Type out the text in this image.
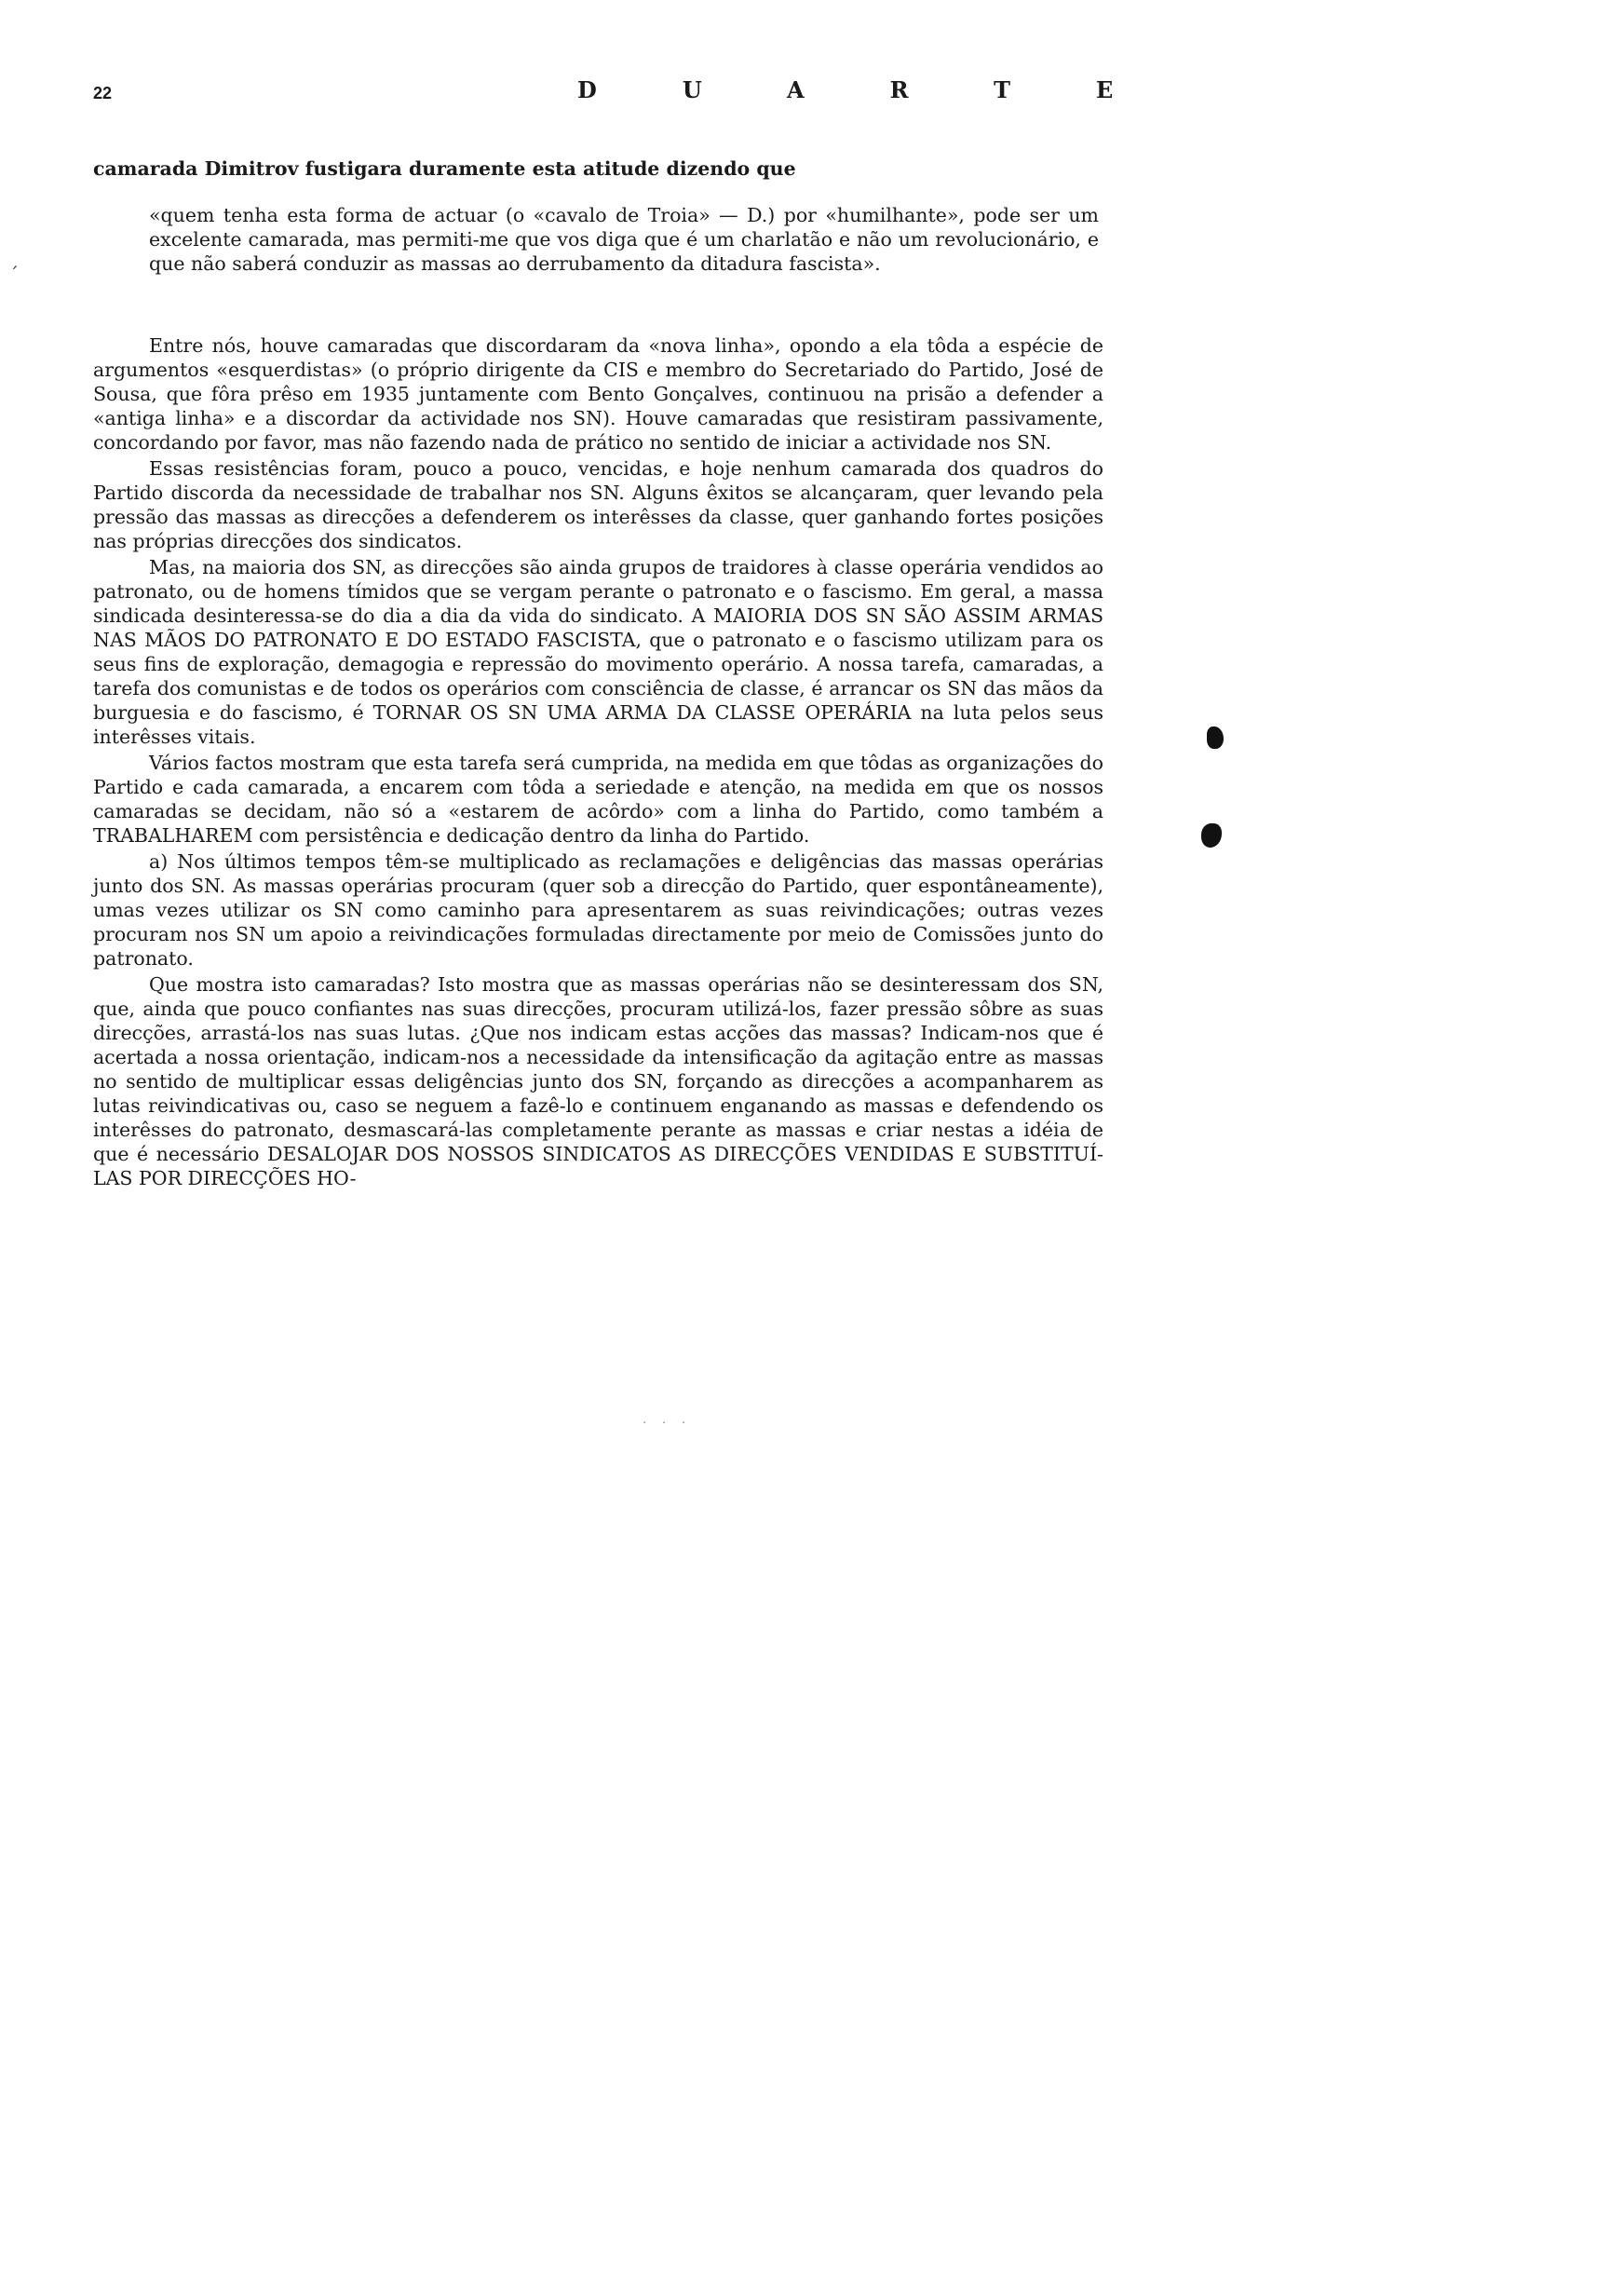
22	DUARTE
camarada Dimitrov fustigara duramente esta atitude dizendo que
«quem tenha esta forma de actuar (o «cavalo de Troia» — D.) por «humilhante», pode ser um excelente camarada, mas permiti-me que vos diga que é um charlatão e não um revolucionário, e que não saberá conduzir as massas ao derrubamento da ditadura fascista».

Entre nós, houve camaradas que discordaram da «nova linha», opondo a ela tôda a espécie de argumentos «esquerdistas» (o próprio dirigente da CIS e membro do Secretariado do Partido, José de Sousa, que fôra prêso em 1935 juntamente com Bento Gonçalves, continuou na prisão a defender a «antiga linha» e a discordar da actividade nos SN). Houve camaradas que resistiram passivamente, concordando por favor, mas não fazendo nada de prático no sentido de iniciar a actividade nos SN.

Essas resistências foram, pouco a pouco, vencidas, e hoje nenhum camarada dos quadros do Partido discorda da necessidade de trabalhar nos SN. Alguns êxitos se alcançaram, quer levando pela pressão das massas as direcções a defenderem os interêsses da classe, quer ganhando fortes posições nas próprias direcções dos sindicatos.

Mas, na maioria dos SN, as direcções são ainda grupos de traidores à classe operária vendidos ao patronato, ou de homens tímidos que se vergam perante o patronato e o fascismo. Em geral, a massa sindicada desinteressa-se do dia a dia da vida do sindicato. A MAIORIA DOS SN SÃO ASSIM ARMAS NAS MÃOS DO PATRONATO E DO ESTADO FASCISTA, que o patronato e o fascismo utilizam para os seus fins de exploração, demagogia e repressão do movimento operário. A nossa tarefa, camaradas, a tarefa dos comunistas e de todos os operários com consciência de classe, é arrancar os SN das mãos da burguesia e do fascismo, é TORNAR OS SN UMA ARMA DA CLASSE OPERÁRIA na luta pelos seus interêsses vitais.

Vários factos mostram que esta tarefa será cumprida, na medida em que tôdas as organizações do Partido e cada camarada, a encarem com tôda a seriedade e atenção, na medida em que os nossos camaradas se decidam, não só a «estarem de acôrdo» com a linha do Partido, como também a TRABALHAREM com persistência e dedicação dentro da linha do Partido.

a) Nos últimos tempos têm-se multiplicado as reclamações e deligências das massas operárias junto dos SN. As massas operárias procuram (quer sob a direcção do Partido, quer espontâneamente), umas vezes utilizar os SN como caminho para apresentarem as suas reivindicações; outras vezes procuram nos SN um apoio a reivindicações formuladas directamente por meio de Comissões junto do patronato.

Que mostra isto camaradas? Isto mostra que as massas operárias não se desinteressam dos SN, que, ainda que pouco confiantes nas suas direcções, procuram utilizá-los, fazer pressão sôbre as suas direcções, arrastá-los nas suas lutas. ¿Que nos indicam estas acções das massas? Indicam-nos que é acertada a nossa orientação, indicam-nos a necessidade da intensificação da agitação entre as massas no sentido de multiplicar essas deligências junto dos SN, forçando as direcções a acompanharem as lutas reivindicativas ou, caso se neguem a fazê-lo e continuem enganando as massas e defendendo os interêsses do patronato, desmascará-las completamente perante as massas e criar nestas a idéia de que é necessário DESALOJAR DOS NOSSOS SINDICATOS AS DIRECÇÕES VENDIDAS E SUBSTITUÍ-LAS POR DIRECÇÕES HO-

´
· · ·
